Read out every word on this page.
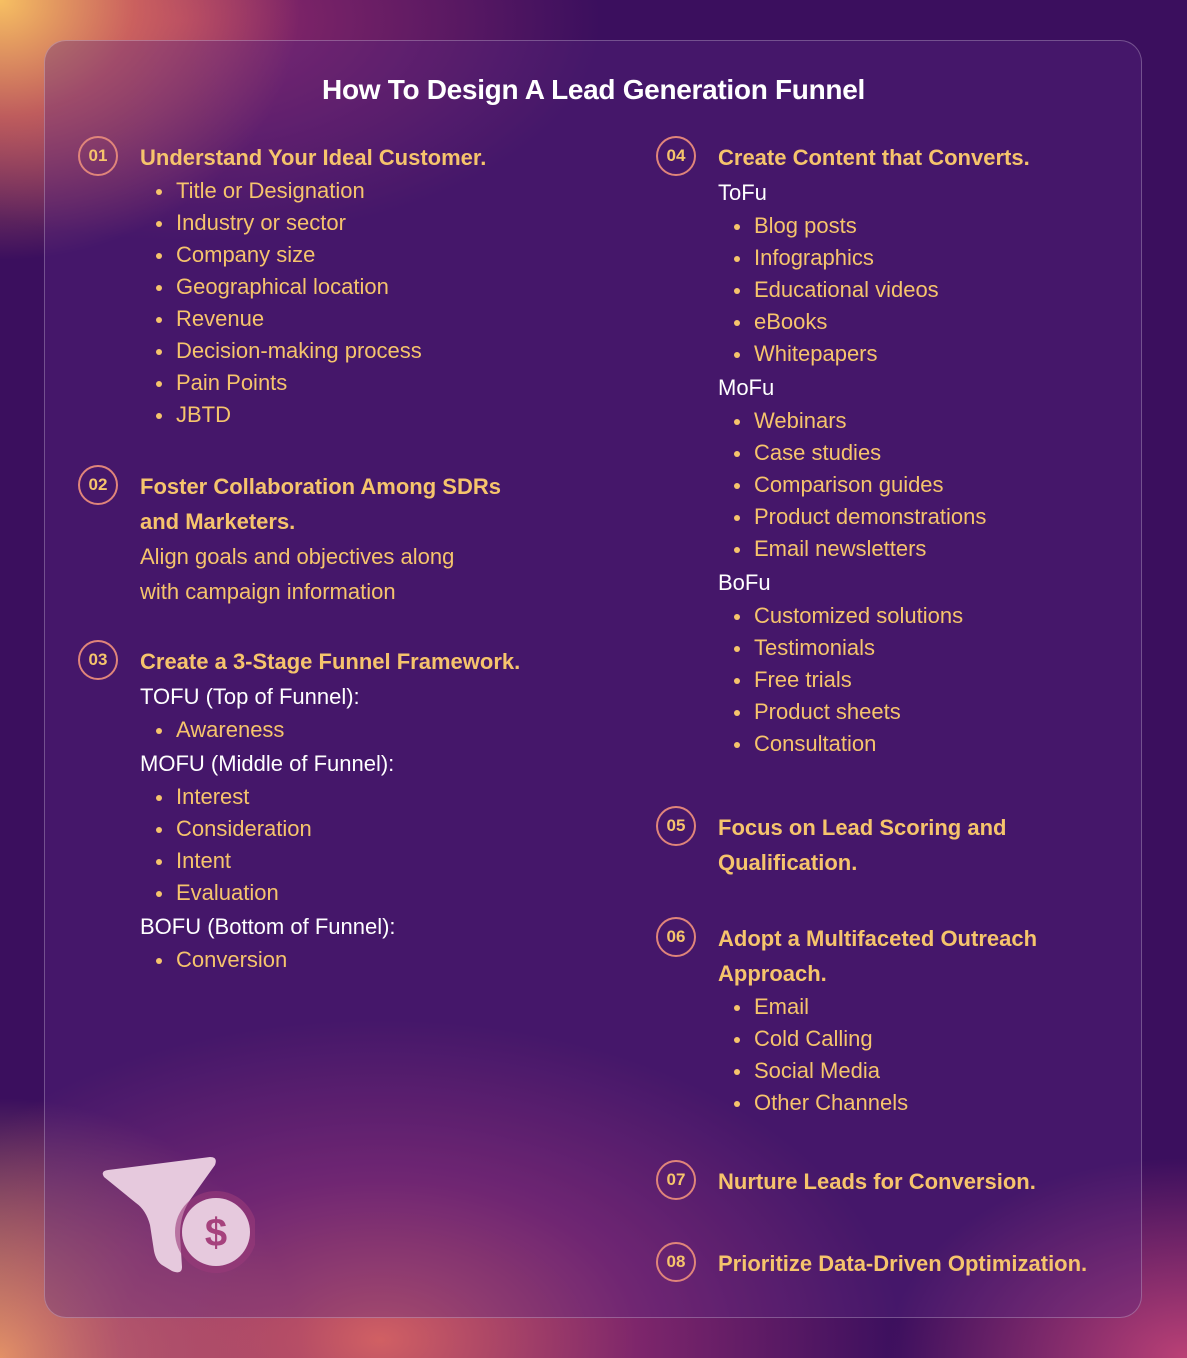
How To Design A Lead Generation Funnel
01	Understand Your Ideal Customer.
Title or Designation
Industry or sector
Company size
Geographical location
Revenue
Decision-making process
Pain Points
JBTD
02	Foster Collaboration Among SDRs
and Marketers.
Align goals and objectives along
with campaign information
03	Create a 3-Stage Funnel Framework.
TOFU (Top of Funnel):
Awareness
MOFU (Middle of Funnel):
Interest
Consideration
Intent
Evaluation
BOFU (Bottom of Funnel):
Conversion
04	Create Content that Converts.
ToFu
Blog posts
Infographics
Educational videos
eBooks
Whitepapers
MoFu
Webinars
Case studies
Comparison guides
Product demonstrations
Email newsletters
BoFu
Customized solutions
Testimonials
Free trials
Product sheets
Consultation
05	Focus on Lead Scoring and
Qualification.
06	Adopt a Multifaceted Outreach
Approach.
Email
Cold Calling
Social Media
Other Channels
07	Nurture Leads for Conversion.
08	Prioritize Data-Driven Optimization.
$
